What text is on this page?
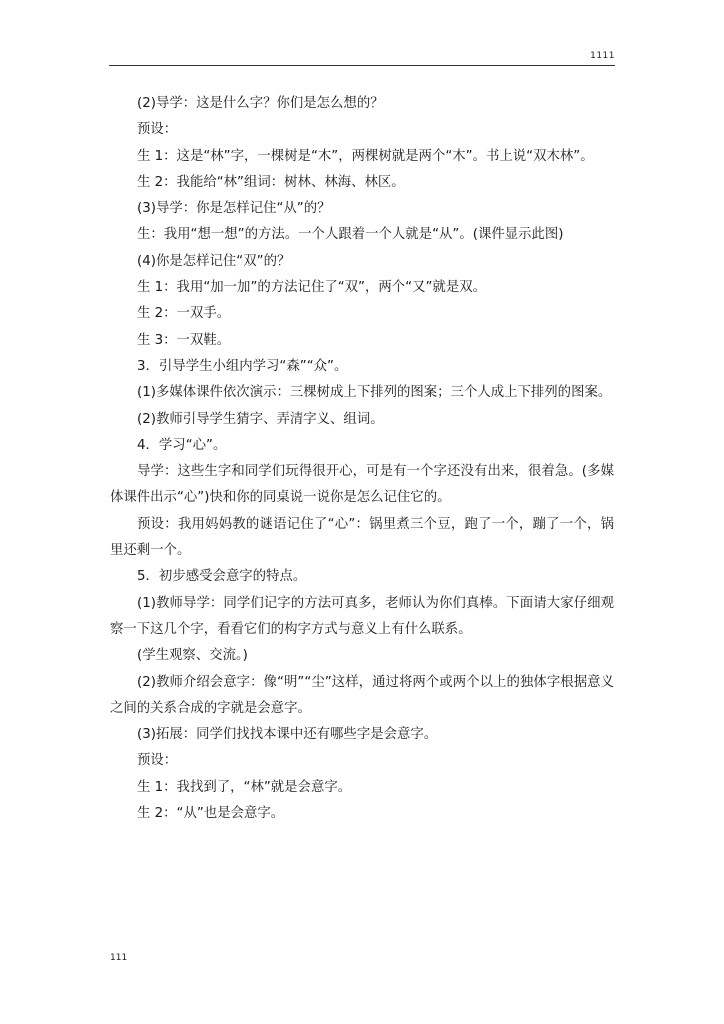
1111

(2)导学：这是什么字？你们是怎么想的？

预设：

生 1：这是“林”字，一棵树是“木”，两棵树就是两个“木”。书上说“双木林”。

生 2：我能给“林”组词：树林、林海、林区。

(3)导学：你是怎样记住“从”的？

生：我用“想一想”的方法。一个人跟着一个人就是“从”。(课件显示此图)

(4)你是怎样记住“双”的？

生 1：我用“加一加”的方法记住了“双”，两个“又”就是双。

生 2：一双手。

生 3：一双鞋。

3．引导学生小组内学习“森”“众”。

(1)多媒体课件依次演示：三棵树成上下排列的图案；三个人成上下排列的图案。

(2)教师引导学生猜字、弄清字义、组词。

4．学习“心”。

导学：这些生字和同学们玩得很开心，可是有一个字还没有出来，很着急。(多媒体课件出示“心”)快和你的同桌说一说你是怎么记住它的。

预设：我用妈妈教的谜语记住了“心”：锅里煮三个豆，跑了一个，蹦了一个，锅里还剩一个。

5．初步感受会意字的特点。

(1)教师导学：同学们记字的方法可真多，老师认为你们真棒。下面请大家仔细观察一下这几个字，看看它们的构字方式与意义上有什么联系。

(学生观察、交流。)

(2)教师介绍会意字：像“明”“尘”这样，通过将两个或两个以上的独体字根据意义之间的关系合成的字就是会意字。

(3)拓展：同学们找找本课中还有哪些字是会意字。

预设：

生 1：我找到了，“林”就是会意字。

生 2：“从”也是会意字。

111
